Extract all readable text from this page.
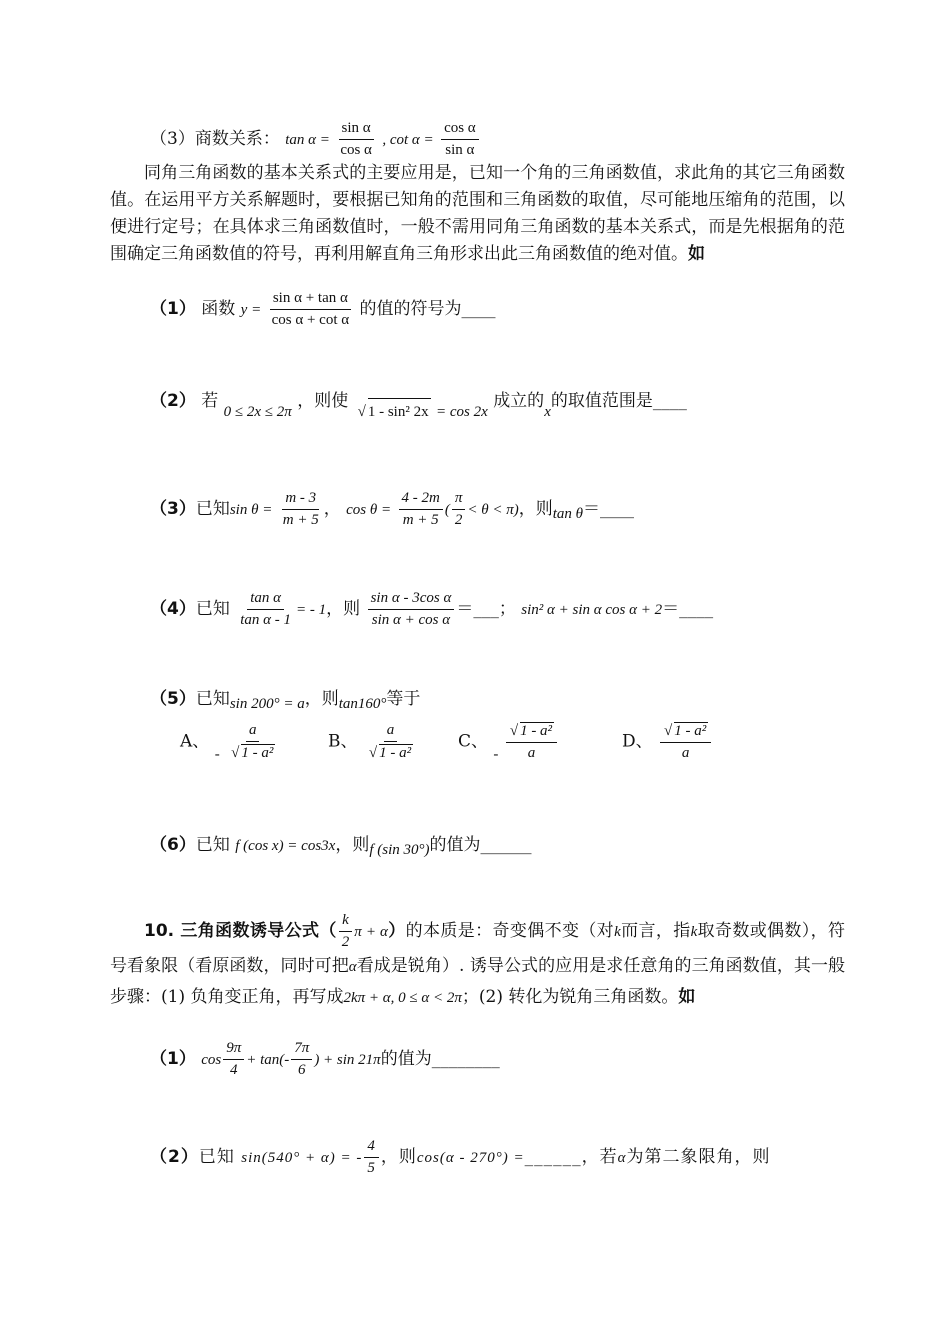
（3）商数关系： $\tan \alpha = \frac{\text{sin α}}{\text{cos α}}$ , $\cot \alpha = \frac{\text{cos α}}{\text{sin α}}$
同角三角函数的基本关系式的主要应用是，已知一个角的三角函数值，求此角的其它三角函数值。在运用平方关系解题时，要根据已知角的范围和三角函数的取值，尽可能地压缩角的范围，以便进行定号；在具体求三角函数值时，一般不需用同角三角函数的基本关系式，而是先根据角的范围确定三角函数值的符号，再利用解直角三角形求出此三角函数值的绝对值。如
（1） 函数 $y = \frac{\text{sin α + tan α}}{\text{cos α + cot α}}$ 的值的符号为____
（2） 若 0 ≤ 2x ≤ 2π ，则使 √ 1 - sin² 2x = cos 2x 成立的x的取值范围是____
（3）已知$\sin \theta = \frac{m - 3}{m + 5}$ ， $\cos \theta = \frac{4 - 2m}{m + 5}$ ( $\frac{\pi}{2} < \theta < \pi$)，则tan θ＝____
（4）已知 $\frac{\text{tan α}}{\text{tan α - 1}}$ = - 1，则 $\frac{\text{sin α - 3cos α}}{\text{sin α + cos α}}$ ＝___； sin² α + sin α cos α + 2＝____
（5）已知sin 200° = a，则tan160°等于
A、 - a
√ 1 - a²	B、 a
√ 1 - a² C、 - √ $\frac{\text{1 - a²}}{a}$	D、 √ $\frac{\text{1 - a²}}{a}$
（6）已知 f (cos x) = cos3x，则f (sin 30°)的值为______
10. 三角函数诱导公式（ $\frac{k}{2}$ π + α）的本质是：奇变偶不变（对k而言，指k取奇数或偶数），符号看象限（看原函数，同时可把α看成是锐角）. 诱导公式的应用是求任意角的三角函数值，其一般步骤：(1) 负角变正角，再写成2kπ + α, 0 ≤ α < 2π；(2) 转化为锐角三角函数。如
（1） $\cos \frac{9\pi}{4} + \tan(- \frac{7\pi}{6}$ ) + sin 21π的值为________
（2）已知 sin(540° + α) = - $\frac{4}{5}$ ，则cos(α - 270°) =______，若α为第二象限角，则
